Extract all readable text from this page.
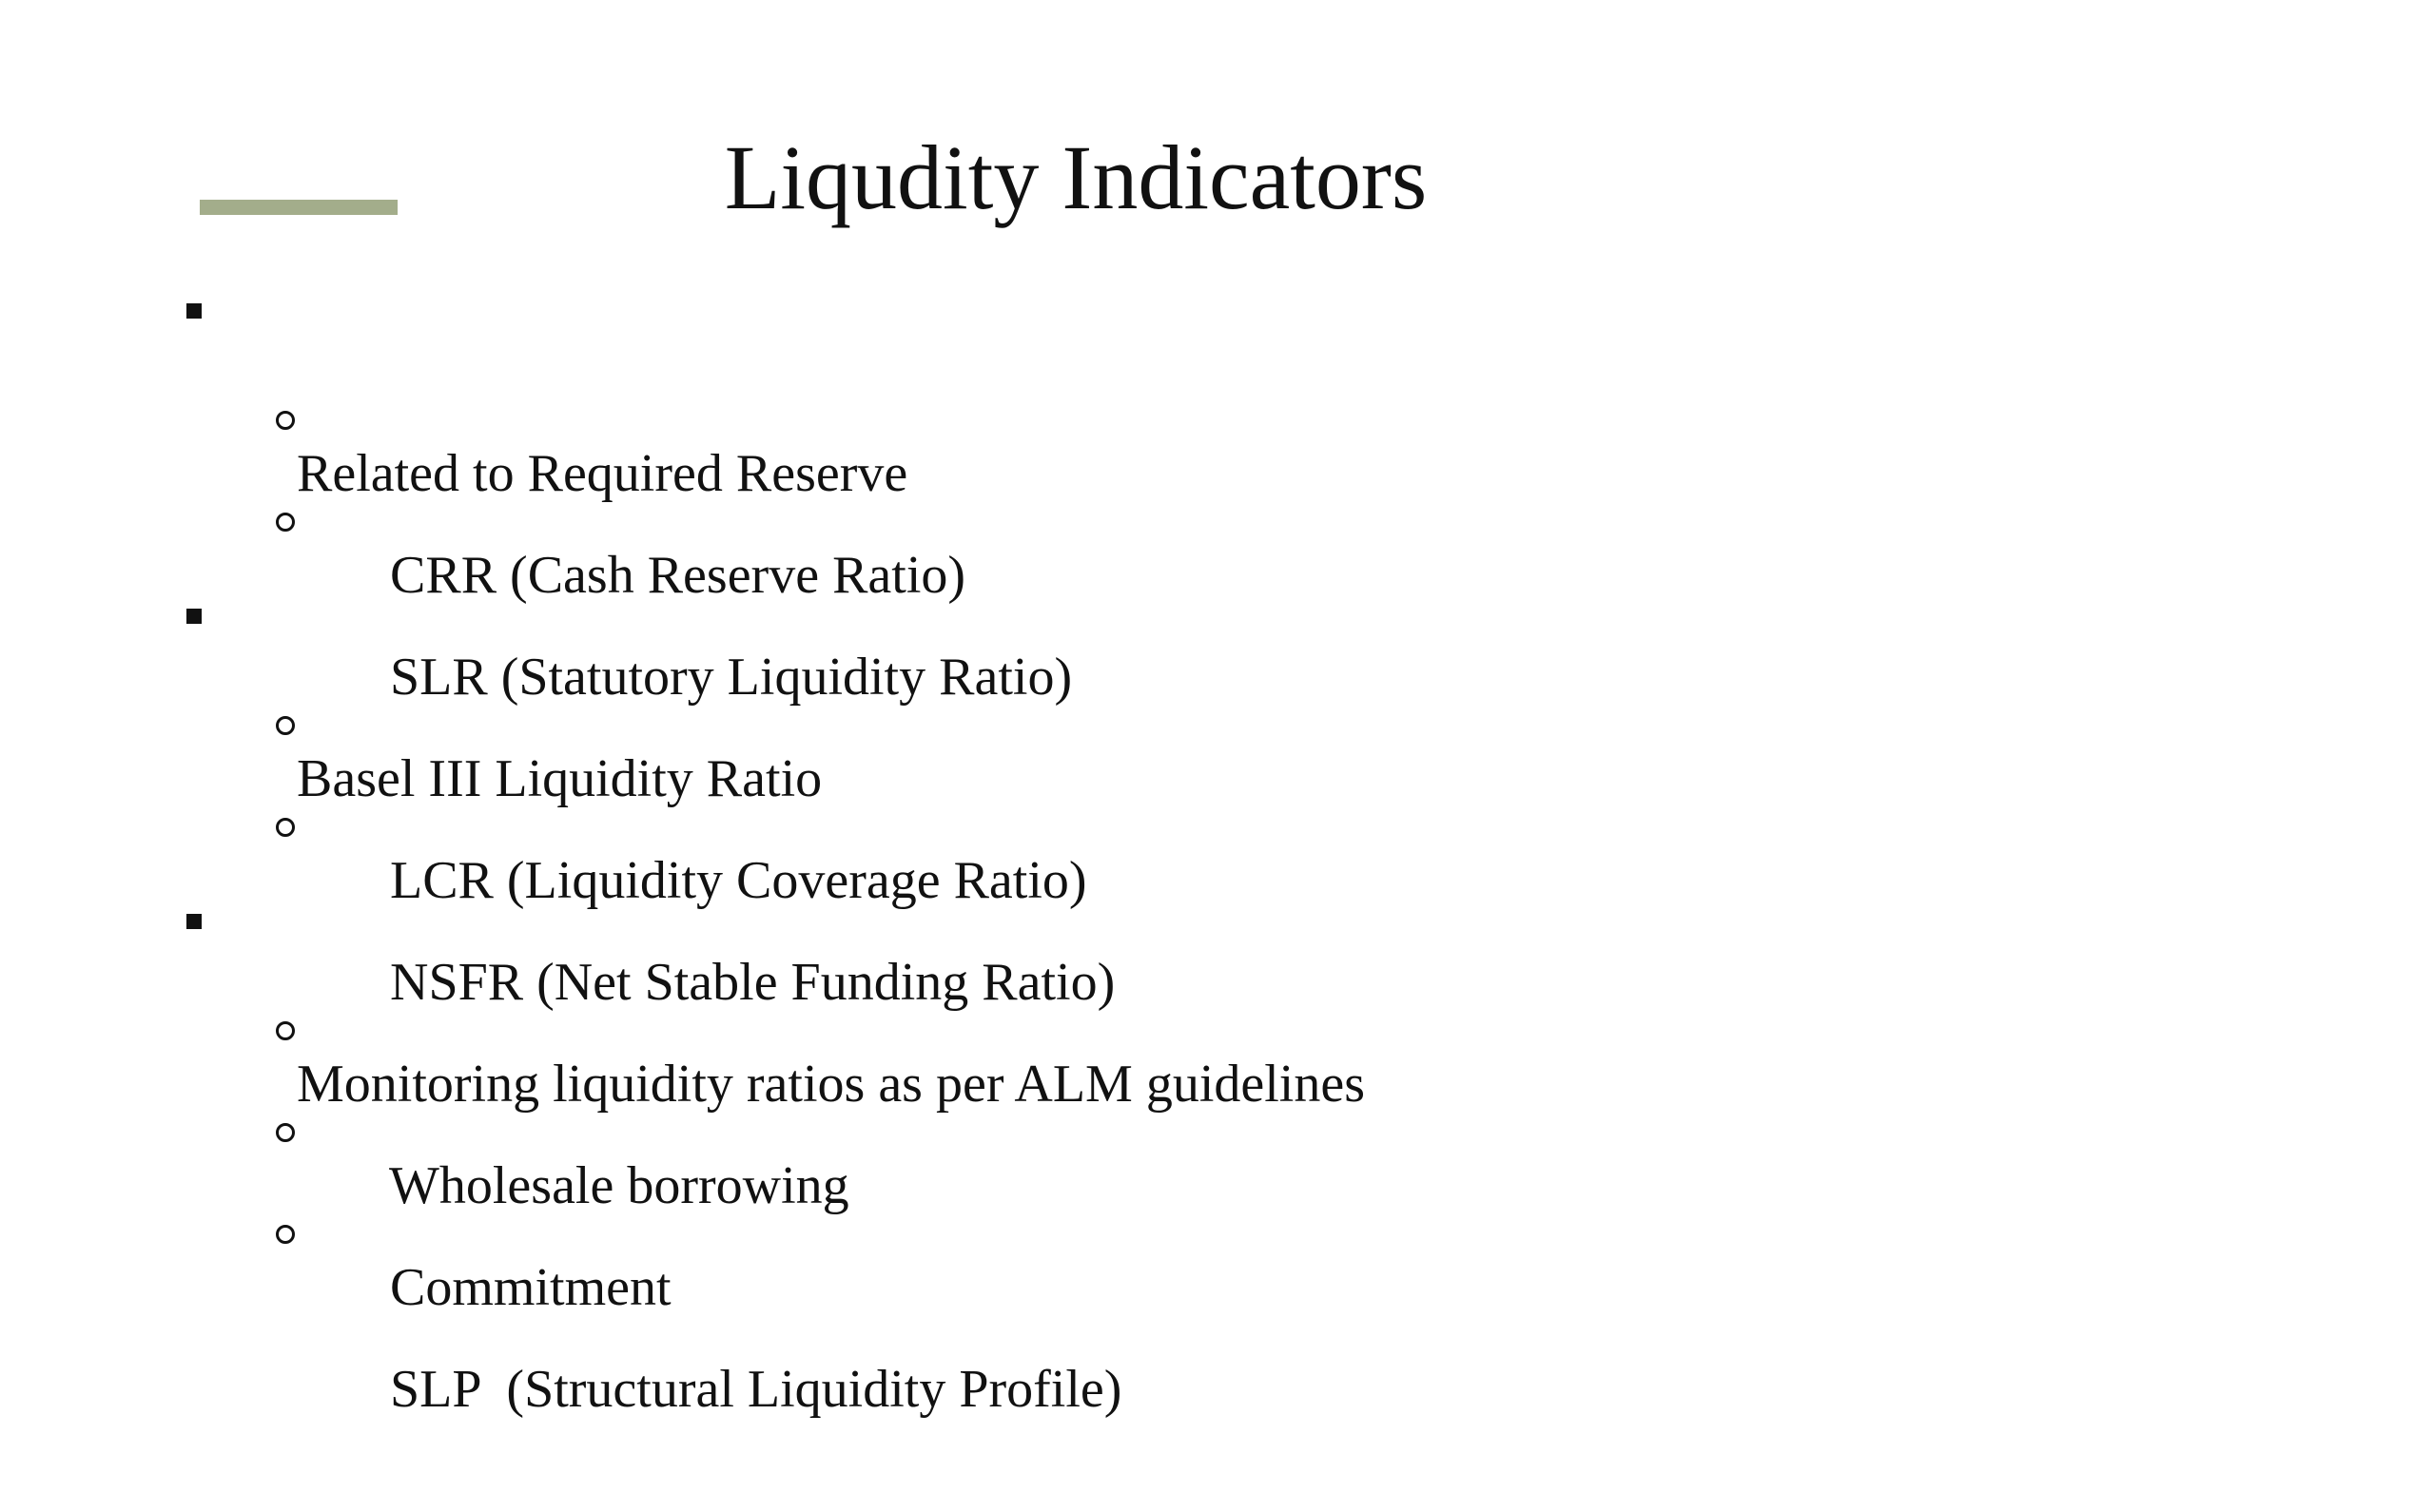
Liqudity Indicators

Related to Required Reserve

CRR (Cash Reserve Ratio)

SLR (Statutory Liquidity Ratio)

Basel III Liquidity Ratio

LCR (Liquidity Coverage Ratio)

NSFR (Net Stable Funding Ratio)

Monitoring liquidity ratios as per ALM guidelines

Wholesale borrowing

Commitment

SLP  (Structural Liquidity Profile)
